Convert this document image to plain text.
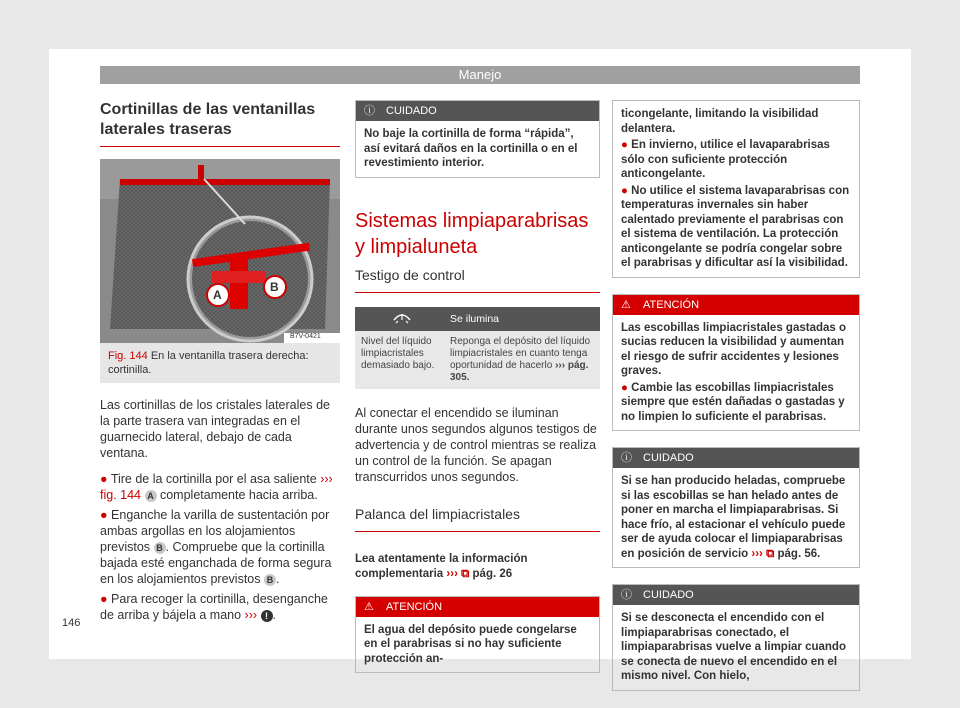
Manejo
Cortinillas de las ventanillas laterales traseras
A
B
B7V-0421
Fig. 144 En la ventanilla trasera derecha: cortinilla.

Las cortinillas de los cristales laterales de la parte trasera van integradas en el guarnecido lateral, debajo de cada ventana.

● Tire de la cortinilla por el asa saliente ››› fig. 144 A completamente hacia arriba.
● Enganche la varilla de sustentación por ambas argollas en los alojamientos previstos B . Compruebe que la cortinilla bajada esté enganchada de forma segura en los alojamientos previstos B .
● Para recoger la cortinilla, desenganche de arriba y bájela a mano ››› ! .
ⓘ CUIDADO
No baje la cortinilla de forma “rápida”, así evitará daños en la cortinilla o en el revestimiento interior.
Sistemas limpiaparabrisas y limpialuneta
Testigo de control
	Se ilumina
Nivel del líquido limpiacristales demasiado bajo.	Reponga el depósito del líquido limpiacristales en cuanto tenga oportunidad de hacerlo ››› pág. 305.

Al conectar el encendido se iluminan durante unos segundos algunos testigos de advertencia y de control mientras se realiza un control de la función. Se apagan transcurridos unos segundos.

Palanca del limpiacristales
Lea atentamente la información complementaria ››› ⧉ pág. 26
⚠ ATENCIÓN
El agua del depósito puede congelarse en el parabrisas si no hay suficiente protección an-
ticongelante, limitando la visibilidad delantera.
● En invierno, utilice el lavaparabrisas sólo con suficiente protección anticongelante.
● No utilice el sistema lavaparabrisas con temperaturas invernales sin haber calentado previamente el parabrisas con el sistema de ventilación. La protección anticongelante se podría congelar sobre el parabrisas y dificultar así la visibilidad.
⚠ ATENCIÓN
Las escobillas limpiacristales gastadas o sucias reducen la visibilidad y aumentan el riesgo de sufrir accidentes y lesiones graves.
● Cambie las escobillas limpiacristales siempre que estén dañadas o gastadas y no limpien lo suficiente el parabrisas.
ⓘ CUIDADO
Si se han producido heladas, compruebe si las escobillas se han helado antes de poner en marcha el limpiaparabrisas. Si hace frío, al estacionar el vehículo puede ser de ayuda colocar el limpiaparabrisas en posición de servicio ››› ⧉ pág. 56.
ⓘ CUIDADO
Si se desconecta el encendido con el limpiaparabrisas conectado, el limpiaparabrisas vuelve a limpiar cuando se conecta de nuevo el encendido en el mismo nivel. Con hielo,
146
